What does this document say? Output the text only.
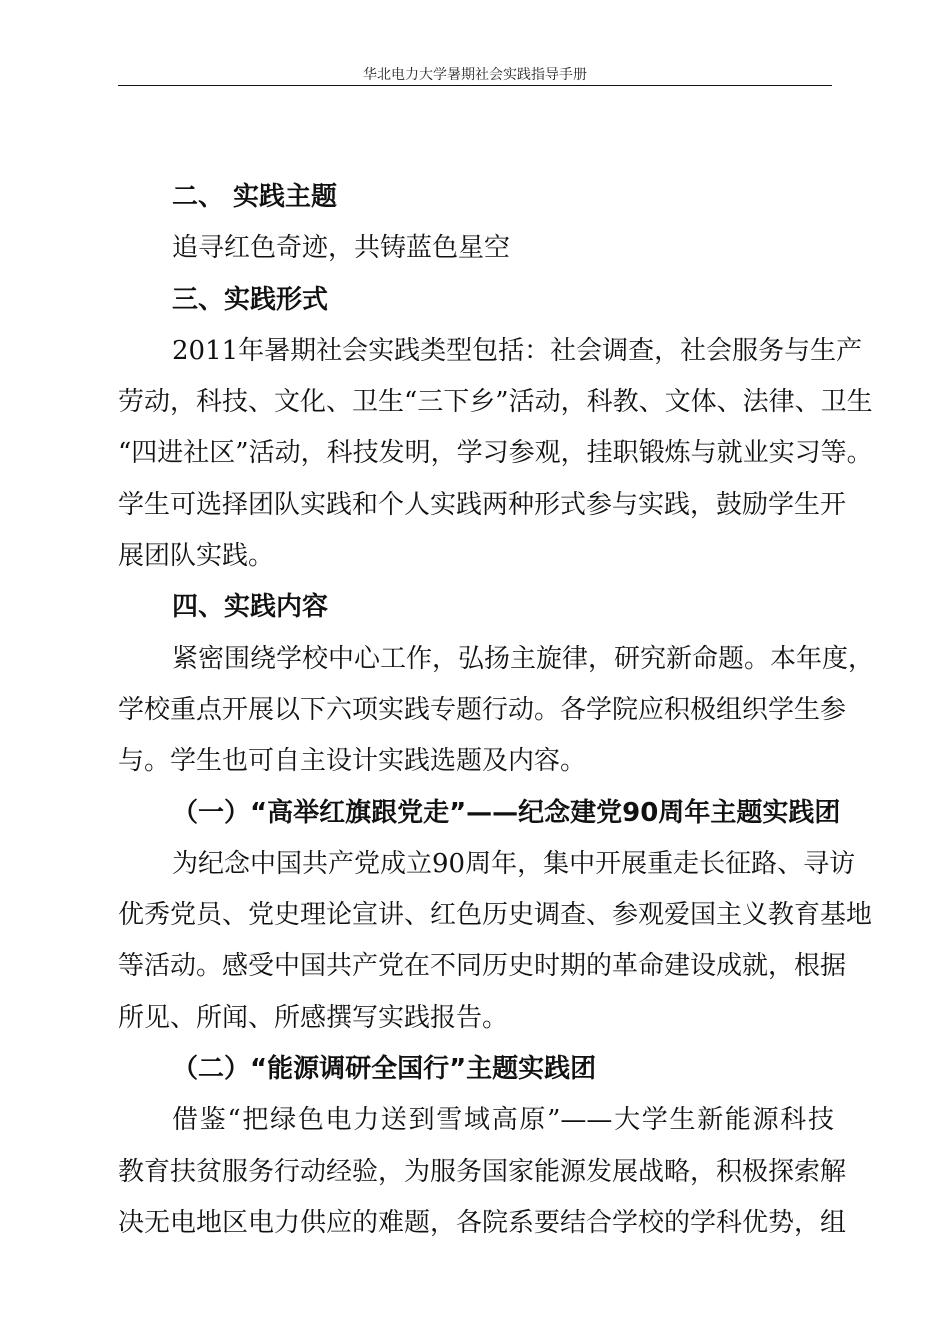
华北电力大学暑期社会实践指导手册
二、 实践主题
追寻红色奇迹，共铸蓝色星空
三、实践形式
2011年暑期社会实践类型包括：社会调查，社会服务与生产
劳动，科技、文化、卫生“三下乡”活动，科教、文体、法律、卫生
“四进社区”活动，科技发明，学习参观，挂职锻炼与就业实习等。
学生可选择团队实践和个人实践两种形式参与实践，鼓励学生开
展团队实践。
四、实践内容
紧密围绕学校中心工作，弘扬主旋律，研究新命题。本年度，
学校重点开展以下六项实践专题行动。各学院应积极组织学生参
与。学生也可自主设计实践选题及内容。
（一）“高举红旗跟党走”——纪念建党90周年主题实践团
为纪念中国共产党成立90周年，集中开展重走长征路、寻访
优秀党员、党史理论宣讲、红色历史调查、参观爱国主义教育基地
等活动。感受中国共产党在不同历史时期的革命建设成就，根据
所见、所闻、所感撰写实践报告。
（二）“能源调研全国行”主题实践团
借鉴“把绿色电力送到雪域高原”——大学生新能源科技
教育扶贫服务行动经验，为服务国家能源发展战略，积极探索解
决无电地区电力供应的难题，各院系要结合学校的学科优势，组
